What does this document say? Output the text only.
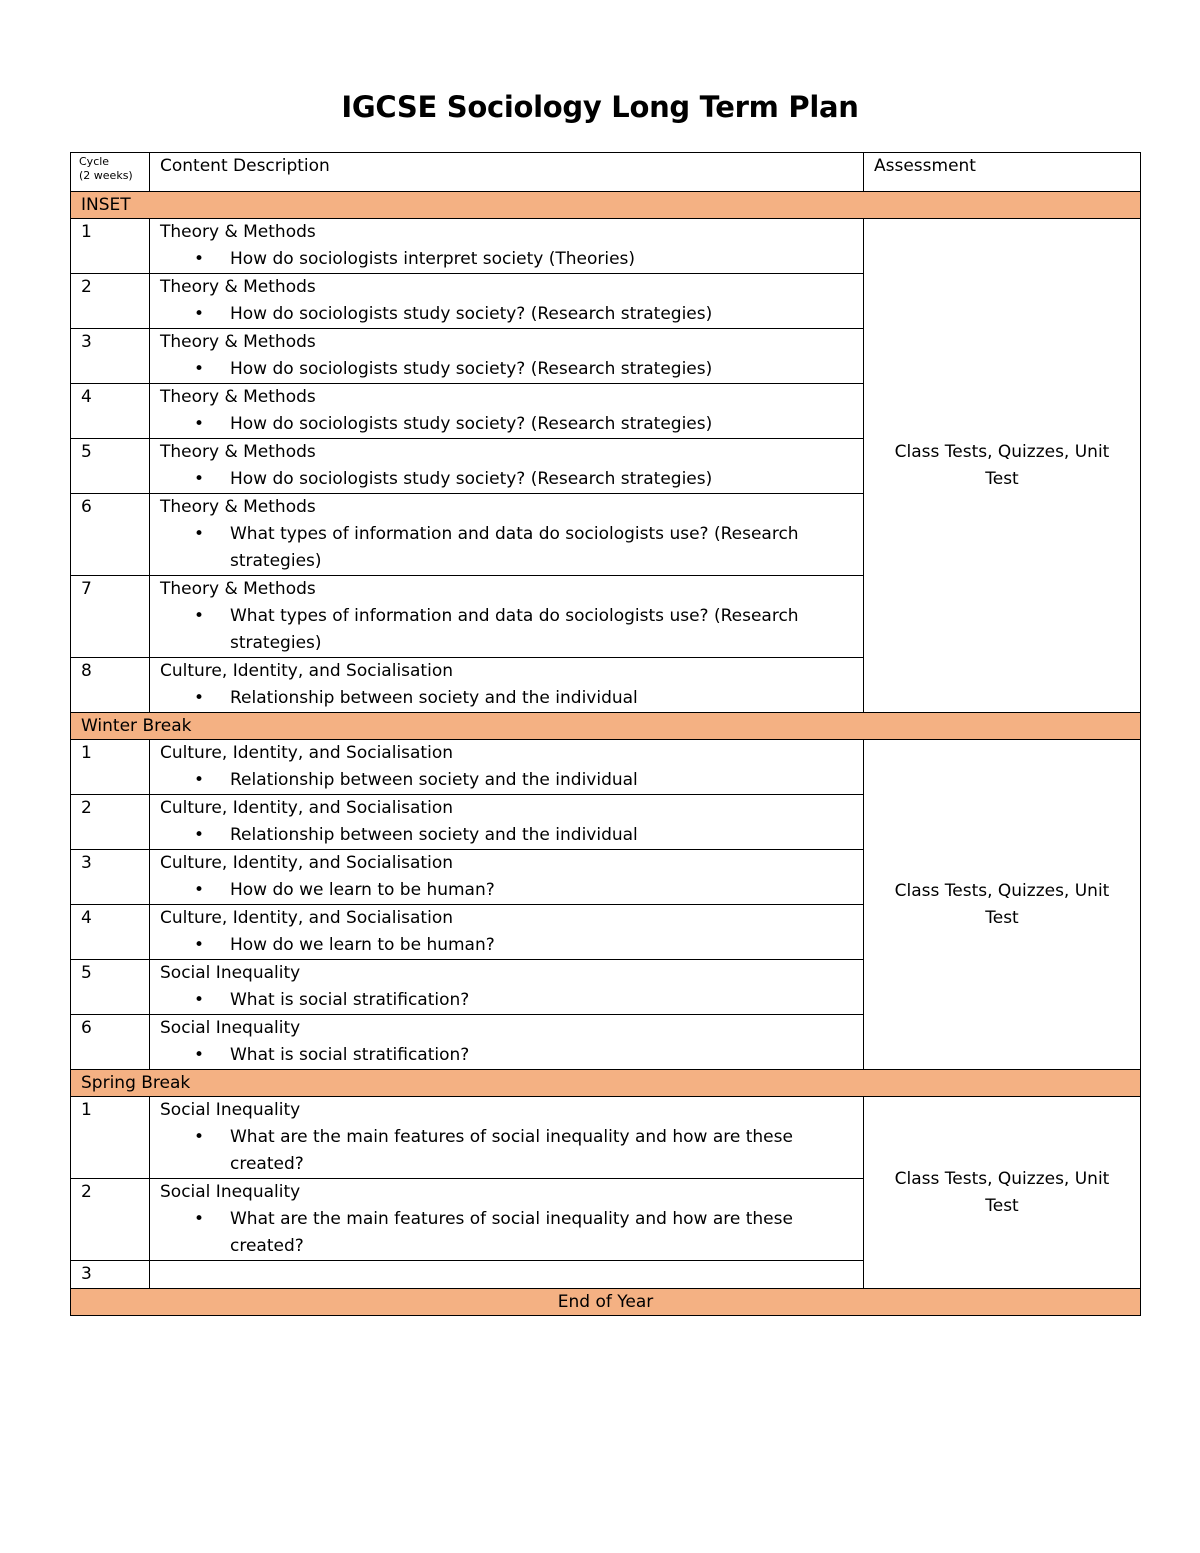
IGCSE Sociology Long Term Plan
Cycle
(2 weeks)	Content Description	Assessment
INSET		
1	Theory & Methods
• How do sociologists interpret society (Theories)	Class Tests, Quizzes, Unit Test
2	Theory & Methods
• How do sociologists study society? (Research strategies)	

3	Theory & Methods
• How do sociologists study society? (Research strategies)	

4	Theory & Methods
• How do sociologists study society? (Research strategies)	

5	Theory & Methods
• How do sociologists study society? (Research strategies)	

6	Theory & Methods
• What types of information and data do sociologists use? (Research strategies)	

7	Theory & Methods
• What types of information and data do sociologists use? (Research strategies)	

8	Culture, Identity, and Socialisation
• Relationship between society and the individual	

Winter Break		
1	Culture, Identity, and Socialisation
• Relationship between society and the individual	Class Tests, Quizzes, Unit Test
2	Culture, Identity, and Socialisation
• Relationship between society and the individual	

3	Culture, Identity, and Socialisation
• How do we learn to be human?	

4	Culture, Identity, and Socialisation
• How do we learn to be human?	

5	Social Inequality
• What is social stratification?	

6	Social Inequality
• What is social stratification?	

Spring Break		
1	Social Inequality
• What are the main features of social inequality and how are these created?	Class Tests, Quizzes, Unit Test
2	Social Inequality
• What are the main features of social inequality and how are these created?	

3		
End of Year		
